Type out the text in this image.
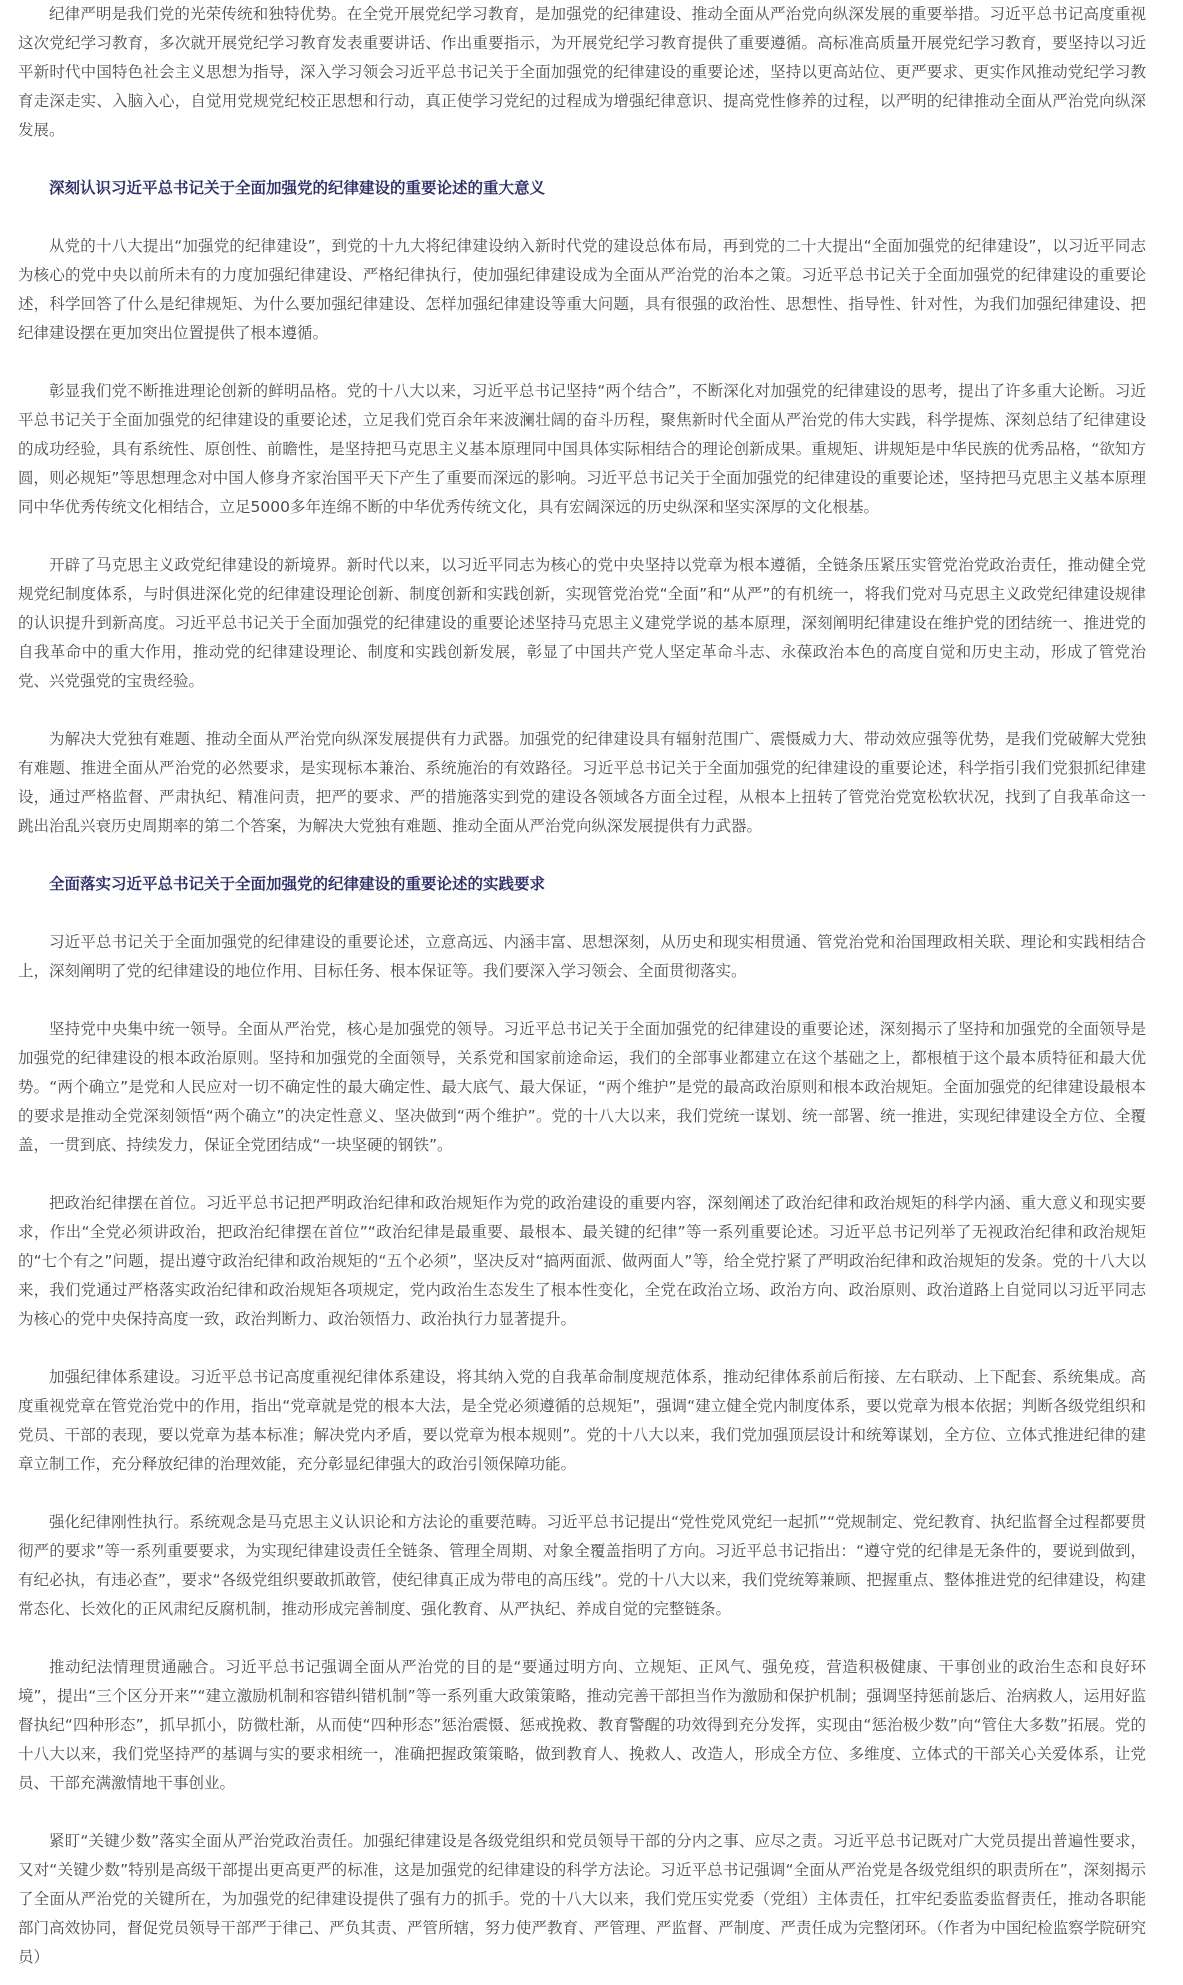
纪律严明是我们党的光荣传统和独特优势。在全党开展党纪学习教育，是加强党的纪律建设、推动全面从严治党向纵深发展的重要举措。习近平总书记高度重视这次党纪学习教育，多次就开展党纪学习教育发表重要讲话、作出重要指示，为开展党纪学习教育提供了重要遵循。高标准高质量开展党纪学习教育，要坚持以习近平新时代中国特色社会主义思想为指导，深入学习领会习近平总书记关于全面加强党的纪律建设的重要论述，坚持以更高站位、更严要求、更实作风推动党纪学习教育走深走实、入脑入心，自觉用党规党纪校正思想和行动，真正使学习党纪的过程成为增强纪律意识、提高党性修养的过程，以严明的纪律推动全面从严治党向纵深发展。

深刻认识习近平总书记关于全面加强党的纪律建设的重要论述的重大意义

从党的十八大提出“加强党的纪律建设”，到党的十九大将纪律建设纳入新时代党的建设总体布局，再到党的二十大提出“全面加强党的纪律建设”，以习近平同志为核心的党中央以前所未有的力度加强纪律建设、严格纪律执行，使加强纪律建设成为全面从严治党的治本之策。习近平总书记关于全面加强党的纪律建设的重要论述，科学回答了什么是纪律规矩、为什么要加强纪律建设、怎样加强纪律建设等重大问题，具有很强的政治性、思想性、指导性、针对性，为我们加强纪律建设、把纪律建设摆在更加突出位置提供了根本遵循。

彰显我们党不断推进理论创新的鲜明品格。党的十八大以来，习近平总书记坚持“两个结合”，不断深化对加强党的纪律建设的思考，提出了许多重大论断。习近平总书记关于全面加强党的纪律建设的重要论述，立足我们党百余年来波澜壮阔的奋斗历程，聚焦新时代全面从严治党的伟大实践，科学提炼、深刻总结了纪律建设的成功经验，具有系统性、原创性、前瞻性，是坚持把马克思主义基本原理同中国具体实际相结合的理论创新成果。重规矩、讲规矩是中华民族的优秀品格，“欲知方圆，则必规矩”等思想理念对中国人修身齐家治国平天下产生了重要而深远的影响。习近平总书记关于全面加强党的纪律建设的重要论述，坚持把马克思主义基本原理同中华优秀传统文化相结合，立足5000多年连绵不断的中华优秀传统文化，具有宏阔深远的历史纵深和坚实深厚的文化根基。

开辟了马克思主义政党纪律建设的新境界。新时代以来，以习近平同志为核心的党中央坚持以党章为根本遵循，全链条压紧压实管党治党政治责任，推动健全党规党纪制度体系，与时俱进深化党的纪律建设理论创新、制度创新和实践创新，实现管党治党“全面”和“从严”的有机统一，将我们党对马克思主义政党纪律建设规律的认识提升到新高度。习近平总书记关于全面加强党的纪律建设的重要论述坚持马克思主义建党学说的基本原理，深刻阐明纪律建设在维护党的团结统一、推进党的自我革命中的重大作用，推动党的纪律建设理论、制度和实践创新发展，彰显了中国共产党人坚定革命斗志、永葆政治本色的高度自觉和历史主动，形成了管党治党、兴党强党的宝贵经验。

为解决大党独有难题、推动全面从严治党向纵深发展提供有力武器。加强党的纪律建设具有辐射范围广、震慑威力大、带动效应强等优势，是我们党破解大党独有难题、推进全面从严治党的必然要求，是实现标本兼治、系统施治的有效路径。习近平总书记关于全面加强党的纪律建设的重要论述，科学指引我们党狠抓纪律建设，通过严格监督、严肃执纪、精准问责，把严的要求、严的措施落实到党的建设各领域各方面全过程，从根本上扭转了管党治党宽松软状况，找到了自我革命这一跳出治乱兴衰历史周期率的第二个答案，为解决大党独有难题、推动全面从严治党向纵深发展提供有力武器。

全面落实习近平总书记关于全面加强党的纪律建设的重要论述的实践要求

习近平总书记关于全面加强党的纪律建设的重要论述，立意高远、内涵丰富、思想深刻，从历史和现实相贯通、管党治党和治国理政相关联、理论和实践相结合上，深刻阐明了党的纪律建设的地位作用、目标任务、根本保证等。我们要深入学习领会、全面贯彻落实。

坚持党中央集中统一领导。全面从严治党，核心是加强党的领导。习近平总书记关于全面加强党的纪律建设的重要论述，深刻揭示了坚持和加强党的全面领导是加强党的纪律建设的根本政治原则。坚持和加强党的全面领导，关系党和国家前途命运，我们的全部事业都建立在这个基础之上，都根植于这个最本质特征和最大优势。“两个确立”是党和人民应对一切不确定性的最大确定性、最大底气、最大保证，“两个维护”是党的最高政治原则和根本政治规矩。全面加强党的纪律建设最根本的要求是推动全党深刻领悟“两个确立”的决定性意义、坚决做到“两个维护”。党的十八大以来，我们党统一谋划、统一部署、统一推进，实现纪律建设全方位、全覆盖，一贯到底、持续发力，保证全党团结成“一块坚硬的钢铁”。

把政治纪律摆在首位。习近平总书记把严明政治纪律和政治规矩作为党的政治建设的重要内容，深刻阐述了政治纪律和政治规矩的科学内涵、重大意义和现实要求，作出“全党必须讲政治，把政治纪律摆在首位”“政治纪律是最重要、最根本、最关键的纪律”等一系列重要论述。习近平总书记列举了无视政治纪律和政治规矩的“七个有之”问题，提出遵守政治纪律和政治规矩的“五个必须”，坚决反对“搞两面派、做两面人”等，给全党拧紧了严明政治纪律和政治规矩的发条。党的十八大以来，我们党通过严格落实政治纪律和政治规矩各项规定，党内政治生态发生了根本性变化，全党在政治立场、政治方向、政治原则、政治道路上自觉同以习近平同志为核心的党中央保持高度一致，政治判断力、政治领悟力、政治执行力显著提升。

加强纪律体系建设。习近平总书记高度重视纪律体系建设，将其纳入党的自我革命制度规范体系，推动纪律体系前后衔接、左右联动、上下配套、系统集成。高度重视党章在管党治党中的作用，指出“党章就是党的根本大法，是全党必须遵循的总规矩”，强调“建立健全党内制度体系，要以党章为根本依据；判断各级党组织和党员、干部的表现，要以党章为基本标准；解决党内矛盾，要以党章为根本规则”。党的十八大以来，我们党加强顶层设计和统筹谋划，全方位、立体式推进纪律的建章立制工作，充分释放纪律的治理效能，充分彰显纪律强大的政治引领保障功能。

强化纪律刚性执行。系统观念是马克思主义认识论和方法论的重要范畴。习近平总书记提出“党性党风党纪一起抓”“党规制定、党纪教育、执纪监督全过程都要贯彻严的要求”等一系列重要要求，为实现纪律建设责任全链条、管理全周期、对象全覆盖指明了方向。习近平总书记指出：“遵守党的纪律是无条件的，要说到做到，有纪必执，有违必查”，要求“各级党组织要敢抓敢管，使纪律真正成为带电的高压线”。党的十八大以来，我们党统筹兼顾、把握重点、整体推进党的纪律建设，构建常态化、长效化的正风肃纪反腐机制，推动形成完善制度、强化教育、从严执纪、养成自觉的完整链条。

推动纪法情理贯通融合。习近平总书记强调全面从严治党的目的是“要通过明方向、立规矩、正风气、强免疫，营造积极健康、干事创业的政治生态和良好环境”，提出“三个区分开来”“建立激励机制和容错纠错机制”等一系列重大政策策略，推动完善干部担当作为激励和保护机制；强调坚持惩前毖后、治病救人，运用好监督执纪“四种形态”，抓早抓小，防微杜渐，从而使“四种形态”惩治震慑、惩戒挽救、教育警醒的功效得到充分发挥，实现由“惩治极少数”向“管住大多数”拓展。党的十八大以来，我们党坚持严的基调与实的要求相统一，准确把握政策策略，做到教育人、挽救人、改造人，形成全方位、多维度、立体式的干部关心关爱体系，让党员、干部充满激情地干事创业。

紧盯“关键少数”落实全面从严治党政治责任。加强纪律建设是各级党组织和党员领导干部的分内之事、应尽之责。习近平总书记既对广大党员提出普遍性要求，又对“关键少数”特别是高级干部提出更高更严的标准，这是加强党的纪律建设的科学方法论。习近平总书记强调“全面从严治党是各级党组织的职责所在”，深刻揭示了全面从严治党的关键所在，为加强党的纪律建设提供了强有力的抓手。党的十八大以来，我们党压实党委（党组）主体责任，扛牢纪委监委监督责任，推动各职能部门高效协同，督促党员领导干部严于律己、严负其责、严管所辖，努力使严教育、严管理、严监督、严制度、严责任成为完整闭环。（作者为中国纪检监察学院研究员）
